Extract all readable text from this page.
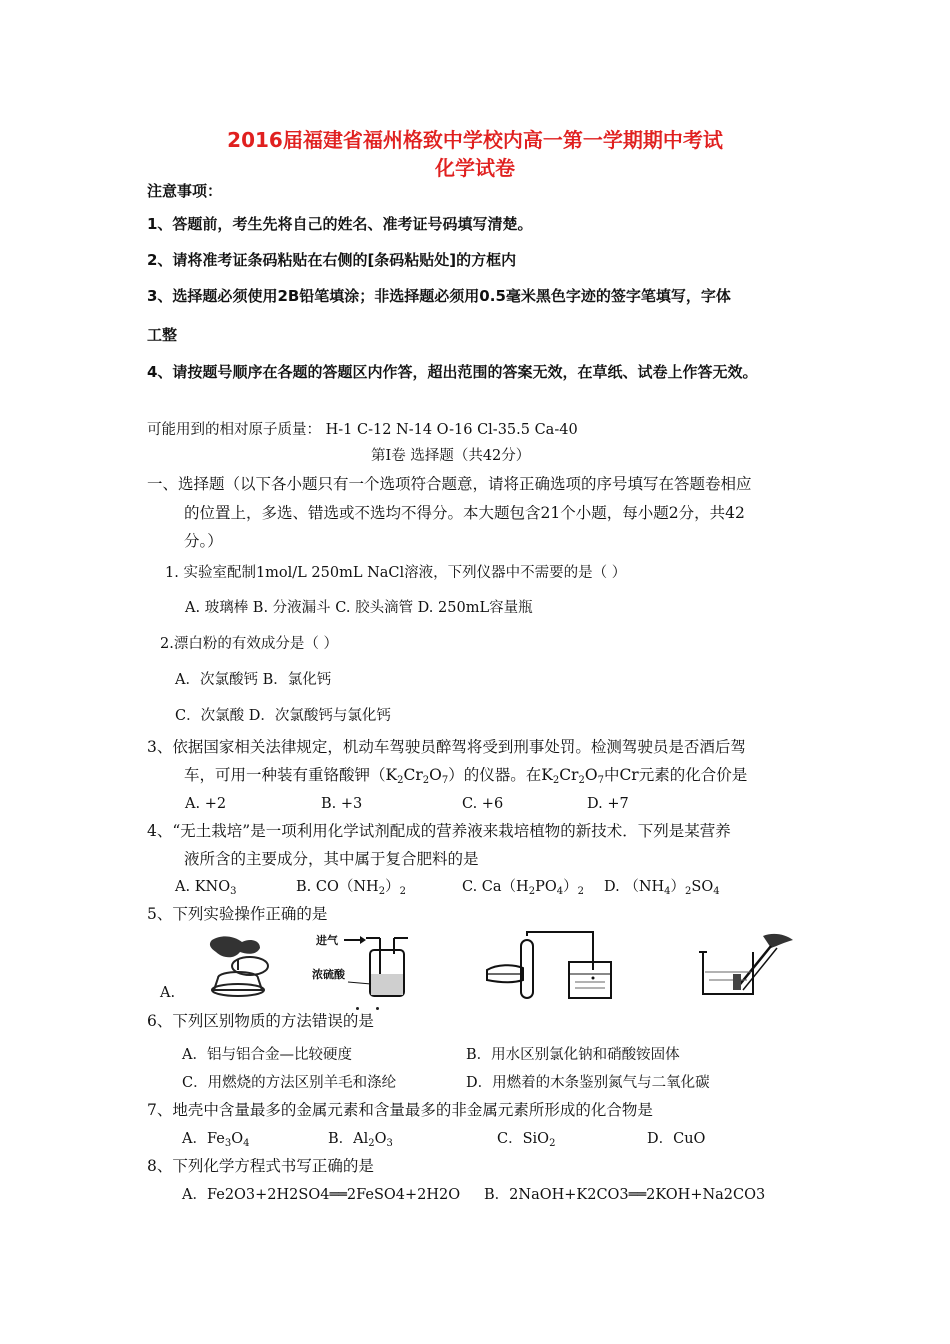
2016届福建省福州格致中学校内高一第一学期期中考试
化学试卷
注意事项：
1、答题前，考生先将自己的姓名、准考证号码填写清楚。
2、请将准考证条码粘贴在右侧的[条码粘贴处]的方框内
3、选择题必须使用2B铅笔填涂；非选择题必须用0.5毫米黑色字迹的签字笔填写，字体
工整
4、请按题号顺序在各题的答题区内作答，超出范围的答案无效，在草纸、试卷上作答无效。
可能用到的相对原子质量： H-1 C-12 N-14 O-16 Cl-35.5 Ca-40
第Ⅰ卷 选择题（共42分）
一、选择题（以下各小题只有一个选项符合题意，请将正确选项的序号填写在答题卷相应
的位置上，多选、错选或不选均不得分。本大题包含21个小题，每小题2分，共42
分。）
1. 实验室配制1mol/L 250mL NaCl溶液，下列仪器中不需要的是（ ）
A. 玻璃棒 B. 分液漏斗 C. 胶头滴管 D. 250mL容量瓶
2.漂白粉的有效成分是（ ）
A．次氯酸钙 B．氯化钙
C．次氯酸 D．次氯酸钙与氯化钙
3、依据国家相关法律规定，机动车驾驶员醉驾将受到刑事处罚。检测驾驶员是否酒后驾
车，可用一种装有重铬酸钾$(K_2Cr_2O_7)$的仪器。在$K_2Cr_2O_7$中Cr元素的化合价是
A. +2	B. +3	C. +6	D. +7
4、“无土栽培”是一项利用化学试剂配成的营养液来栽培植物的新技术．下列是某营养
液所含的主要成分，其中属于复合肥料的是
A. $KNO_3$	B. $CO(NH_2)_2$	C. $Ca(H_2PO_4)_2$ D. $(NH_4)_2SO_4$
5、下列实验操作正确的是
A.
进气
浓硫酸
6、下列区别物质的方法错误的是
A．铝与铝合金—比较硬度	B．用水区别氯化钠和硝酸铵固体
C．用燃烧的方法区别羊毛和涤纶	D．用燃着的木条鉴别氮气与二氧化碳
7、地壳中含量最多的金属元素和含量最多的非金属元素所形成的化合物是
A．$Fe_3O_4$	B．$Al_2O_3$	C．SiO$_2$	D．CuO
8、下列化学方程式书写正确的是
A．Fe2O3+2H2SO4══2FeSO4+2H2O B．2NaOH+K2CO3══2KOH+Na2CO3
